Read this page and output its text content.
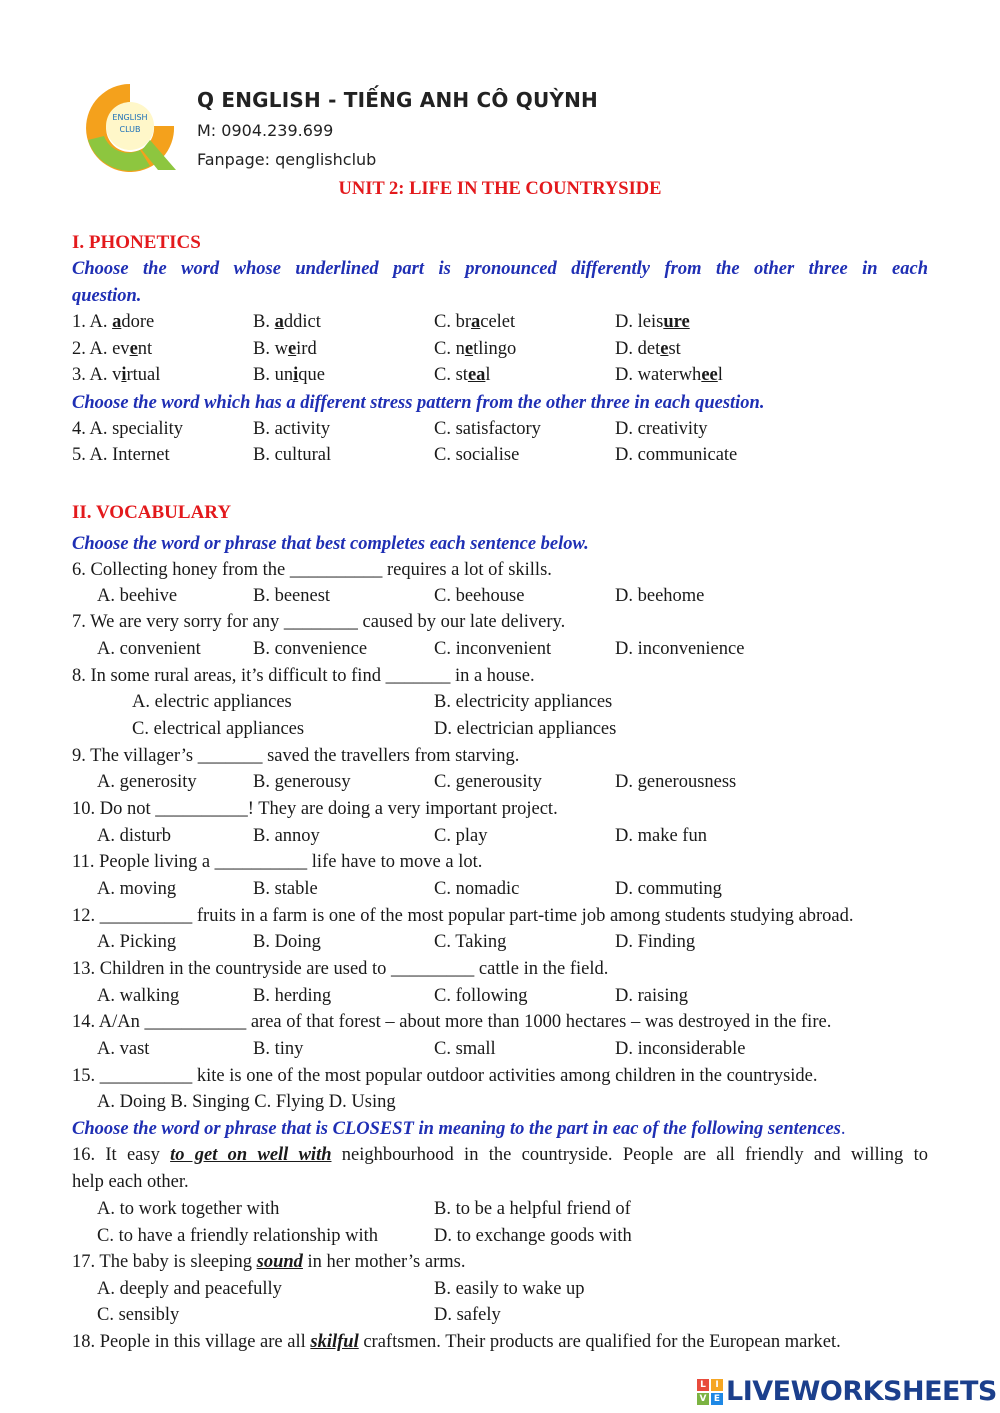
ENGLISH
CLUB
Q ENGLISH - TIẾNG ANH CÔ QUỲNH
M: 0904.239.699
Fanpage: qenglishclub
UNIT 2: LIFE IN THE COUNTRYSIDE
I. PHONETICS
Choose the word whose underlined part is pronounced differently from the other three in each
question.
1. A. adore	B. addict	C. bracelet	D. leisure
2. A. event	B. weird	C. netlingo	D. detest
3. A. virtual	B. unique	C. steal	D. waterwheel
Choose the word which has a different stress pattern from the other three in each question.
4. A. speciality	B. activity	C. satisfactory	D. creativity
5. A. Internet	B. cultural	C. socialise	D. communicate
II. VOCABULARY
Choose the word or phrase that best completes each sentence below.
6. Collecting honey from the __________ requires a lot of skills.
A. beehive	B. beenest	C. beehouse	D. beehome
7. We are very sorry for any ________ caused by our late delivery.
A. convenient	B. convenience	C. inconvenient	D. inconvenience
8. In some rural areas, it’s difficult to find _______ in a house.
A. electric appliances	B. electricity appliances
C. electrical appliances	D. electrician appliances
9. The villager’s _______ saved the travellers from starving.
A. generosity	B. generousy	C. generousity	D. generousness
10. Do not __________! They are doing a very important project.
A. disturb	B. annoy	C. play	D. make fun
11. People living a __________ life have to move a lot.
A. moving	B. stable	C. nomadic	D. commuting
12. __________ fruits in a farm is one of the most popular part-time job among students studying abroad.
A. Picking	B. Doing	C. Taking	D. Finding
13. Children in the countryside are used to _________ cattle in the field.
A. walking	B. herding	C. following	D. raising
14. A/An ___________ area of that forest – about more than 1000 hectares – was destroyed in the fire.
A. vast	B. tiny	C. small	D. inconsiderable
15. __________ kite is one of the most popular outdoor activities among children in the countryside.
A. Doing B. Singing C. Flying D. Using
Choose the word or phrase that is CLOSEST in meaning to the part in eac of the following sentences.
16. It easy to get on well with neighbourhood in the countryside. People are all friendly and willing to
help each other.
A. to work together with	B. to be a helpful friend of
C. to have a friendly relationship with	D. to exchange goods with
17. The baby is sleeping sound in her mother’s arms.
A. deeply and peacefully	B. easily to wake up
C. sensibly	D. safely
18. People in this village are all skilful craftsmen. Their products are qualified for the European market.
L	I
V E LIVEWORKSHEETS
